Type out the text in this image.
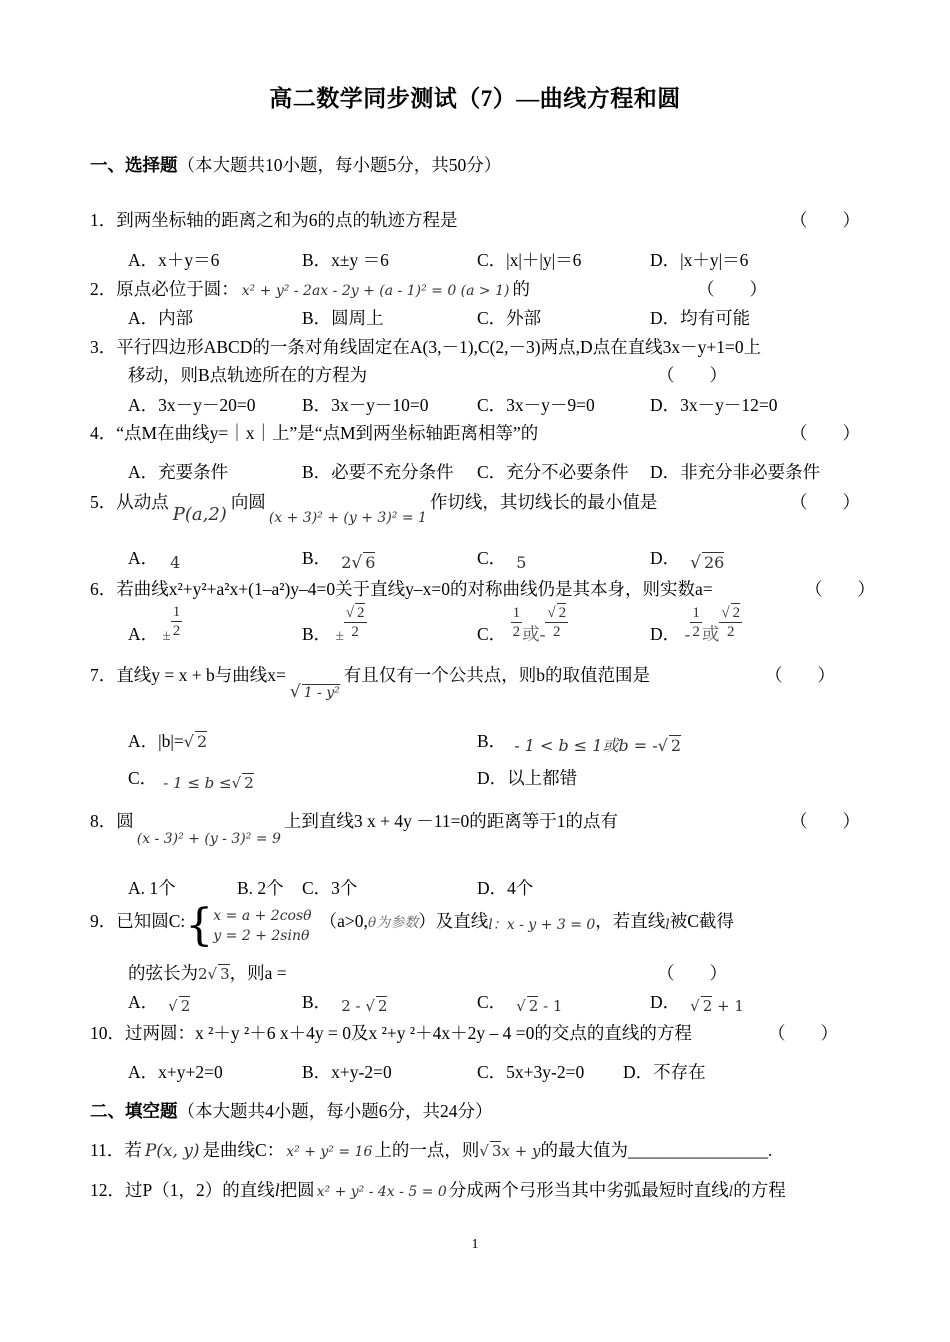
高二数学同步测试（7）—曲线方程和圆
一、选择题（本大题共10小题，每小题5分，共50分）
1．到两坐标轴的距离之和为6的点的轨迹方程是	（　　）
A．x＋y＝6	B．x±y ＝6	C．|x|＋|y|＝6	D．|x＋y|＝6
2．原点必位于圆： x² + y² - 2ax - 2y + (a - 1)² = 0 (a > 1) 的	（　　）
A．内部	B．圆周上	C．外部	D．均有可能
3．平行四边形ABCD的一条对角线固定在A(3,－1),C(2,－3)两点,D点在直线3x－y+1=0上
移动，则B点轨迹所在的方程为	（　　）
A．3x－y－20=0	B．3x－y－10=0	C．3x－y－9=0	D．3x－y－12=0
4．“点M在曲线y=｜x｜上”是“点M到两坐标轴距离相等”的	（　　）
A．充要条件	B．必要不充分条件 C．充分不必要条件 D．非充分非必要条件
5．从动点P(a,2)向圆$_{(x + 3)^2 + (y + 3)^2 = 1}$作切线，其切线长的最小值是	（　　）
A． 4	B． 2√ 6	C． 5	D． √ 26
6．若曲线x²+y²+a²x+(1–a²)y–4=0关于直线y–x=0的对称曲线仍是其本身，则实数a=	（　　）
A． ± $\frac{1}{2}$	B． ± $\frac{√ 2}{2}$	C． $\frac{1}{2}$ 或- $\frac{√ 2}{2}$	D． - $\frac{1}{2}$ 或 $\frac{√ 2}{2}$
7．直线y = x + b与曲线$x=_{√ 1 - y^2}$有且仅有一个公共点，则b的取值范围是	（　　）
A．|b|=√ 2	B． - 1 < b ≤ 1或b = -√ 2
C． - 1 ≤ b ≤√ 2	D．以上都错
8．圆$_{(x - 3)^2 + (y - 3)^2 = 9}$上到直线3 x + 4y －11=0的距离等于1的点有	（　　）
A. 1个	B. 2个 C．3个	D．4个
9．已知圆C:{ x = a + 2cosθ
y = 2 + 2sinθ
（a>0,θ为参数）及直线l：x - y + 3 = 0，若直线l被C截得
的弦长为2√ 3，则a =	（　　）
A． √ 2	B． 2 - √ 2	C． √ 2 - 1	D． √ 2 + 1
10．过两圆：x ²＋y ²＋6 x＋4y = 0及x ²+y ²＋4x＋2y – 4 =0的交点的直线的方程	（　　）
A．x+y+2=0	B．x+y-2=0	C．5x+3y-2=0 D．不存在
二、填空题（本大题共4小题，每小题6分，共24分）
11．若 P(x, y) 是曲线C： x² + y² = 16 上的一点，则√ 3x + y的最大值为________________.
12．过P（1，2）的直线l把圆 x² + y² - 4x - 5 = 0 分成两个弓形当其中劣弧最短时直线l的方程
1
